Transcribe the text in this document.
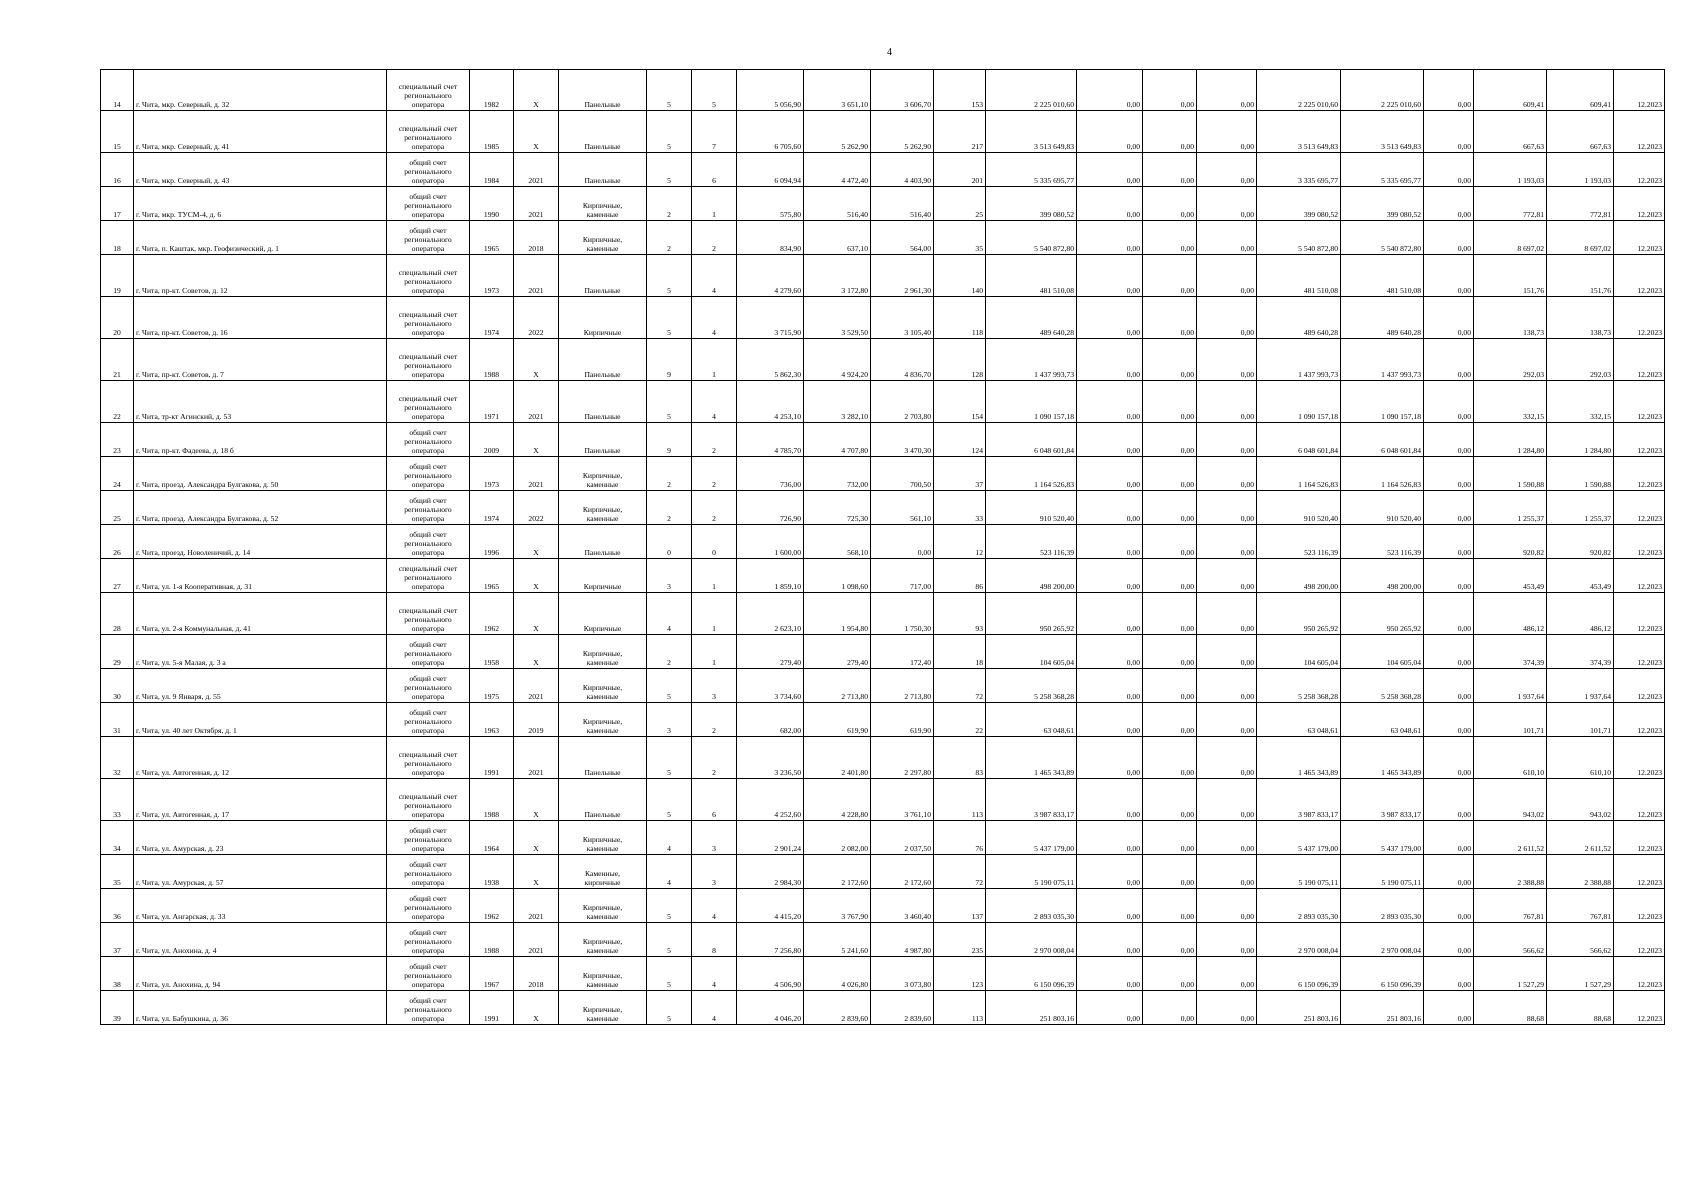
4
14	г. Чита, мкр. Северный, д. 32	специальный счет
регионального
оператора	1982	X	Панельные	5	5	5 056,90	3 651,10	3 606,70	153	2 225 010,60	0,00	0,00	0,00	2 225 010,60	2 225 010,60	0,00	609,41	609,41	12.2023
15	г. Чита, мкр. Северный, д. 41	специальный счет
регионального
оператора	1985	X	Панельные	5	7	6 705,60	5 262,90	5 262,90	217	3 513 649,83	0,00	0,00	0,00	3 513 649,83	3 513 649,83	0,00	667,63	667,63	12.2023
16	г. Чита, мкр. Северный, д. 43	общий счет
регионального
оператора	1984	2021	Панельные	5	6	6 094,94	4 472,40	4 403,90	201	5 335 695,77	0,00	0,00	0,00	3 335 695,77	5 335 695,77	0,00	1 193,03	1 193,03	12.2023
17	г. Чита, мкр. ТУСМ-4, д. 6	общий счет
регионального
оператора	1990	2021	Кирпичные,
каменные	2	1	575,80	516,40	516,40	25	399 080,52	0,00	0,00	0,00	399 080,52	399 080,52	0,00	772,81	772,81	12.2023
18	г. Чита, п. Каштак, мкр. Геофизический, д. 1	общий счет
регионального
оператора	1965	2018	Кирпичные,
каменные	2	2	834,90	637,10	564,00	35	5 540 872,80	0,00	0,00	0,00	5 540 872,80	5 540 872,80	0,00	8 697,02	8 697,02	12.2023
19	г. Чита, пр-кт. Советов, д. 12	специальный счет
регионального
оператора	1973	2021	Панельные	5	4	4 279,60	3 172,80	2 961,30	140	481 510,08	0,00	0,00	0,00	481 510,08	481 510,08	0,00	151,76	151,76	12.2023
20	г. Чита, пр-кт. Советов, д. 16	специальный счет
регионального
оператора	1974	2022	Кирпичные	5	4	3 715,90	3 529,50	3 105,40	118	489 640,28	0,00	0,00	0,00	489 640,28	489 640,28	0,00	138,73	138,73	12.2023
21	г. Чита, пр-кт. Советов, д. 7	специальный счет
регионального
оператора	1988	X	Панельные	9	1	5 862,30	4 924,20	4 836,70	128	1 437 993,73	0,00	0,00	0,00	1 437 993,73	1 437 993,73	0,00	292,03	292,03	12.2023
22	г. Чита, тр-кт Агинский, д. 53	специальный счет
регионального
оператора	1971	2021	Панельные	5	4	4 253,10	3 282,10	2 703,80	154	1 090 157,18	0,00	0,00	0,00	1 090 157,18	1 090 157,18	0,00	332,15	332,15	12.2023
23	г. Чита, пр-кт. Фадеева, д. 18 б	общий счет
регионального
оператора	2009	X	Панельные	9	2	4 785,70	4 707,80	3 470,30	124	6 048 601,84	0,00	0,00	0,00	6 048 601,84	6 048 601,84	0,00	1 284,80	1 284,80	12.2023
24	г. Чита, проезд. Александра Булгакова, д. 50	общий счет
регионального
оператора	1973	2021	Кирпичные,
каменные	2	2	736,00	732,00	700,50	37	1 164 526,83	0,00	0,00	0,00	1 164 526,83	1 164 526,83	0,00	1 590,88	1 590,88	12.2023
25	г. Чита, проезд. Александра Булгакова, д. 52	общий счет
регионального
оператора	1974	2022	Кирпичные,
каменные	2	2	726,90	725,30	561,10	33	910 520,40	0,00	0,00	0,00	910 520,40	910 520,40	0,00	1 255,37	1 255,37	12.2023
26	г. Чита, проезд. Новоленичий, д. 14	общий счет
регионального
оператора	1996	X	Панельные	0	0	1 600,00	568,10	0,00	12	523 116,39	0,00	0,00	0,00	523 116,39	523 116,39	0,00	920,82	920,82	12.2023
27	г. Чита, ул. 1-я Кооперативная, д. 31	специальный счет
регионального
оператора	1965	X	Кирпичные	3	1	1 859,10	1 098,60	717,00	86	498 200,00	0,00	0,00	0,00	498 200,00	498 200,00	0,00	453,49	453,49	12.2023
28	г. Чита, ул. 2-я Коммунальная, д. 41	специальный счет
регионального
оператора	1962	X	Кирпичные	4	1	2 623,10	1 954,80	1 750,30	93	950 265,92	0,00	0,00	0,00	950 265,92	950 265,92	0,00	486,12	486,12	12.2023
29	г. Чита, ул. 5-я Малая, д. 3 а	общий счет
регионального
оператора	1958	X	Кирпичные,
каменные	2	1	279,40	279,40	172,40	18	104 605,04	0,00	0,00	0,00	104 605,04	104 605,04	0,00	374,39	374,39	12.2023
30	г. Чита, ул. 9 Января, д. 55	общий счет
регионального
оператора	1975	2021	Кирпичные,
каменные	5	3	3 734,60	2 713,80	2 713,80	72	5 258 368,28	0,00	0,00	0,00	5 258 368,28	5 258 368,28	0,00	1 937,64	1 937,64	12.2023
31	г. Чита, ул. 40 лет Октября, д. 1	общий счет
регионального
оператора	1963	2019	Кирпичные,
каменные	3	2	682,00	619,90	619,90	22	63 048,61	0,00	0,00	0,00	63 048,61	63 048,61	0,00	101,71	101,71	12.2023
32	г. Чита, ул. Автогенная, д. 12	специальный счет
регионального
оператора	1991	2021	Панельные	5	2	3 236,50	2 401,80	2 297,80	83	1 465 343,89	0,00	0,00	0,00	1 465 343,89	1 465 343,89	0,00	610,10	610,10	12.2023
33	г. Чита, ул. Автогенная, д. 17	специальный счет
регионального
оператора	1988	X	Панельные	5	6	4 252,60	4 228,80	3 761,10	113	3 987 833,17	0,00	0,00	0,00	3 987 833,17	3 987 833,17	0,00	943,02	943,02	12.2023
34	г. Чита, ул. Амурская, д. 23	общий счет
регионального
оператора	1964	X	Кирпичные,
каменные	4	3	2 901,24	2 082,00	2 037,50	76	5 437 179,00	0,00	0,00	0,00	5 437 179,00	5 437 179,00	0,00	2 611,52	2 611,52	12.2023
35	г. Чита, ул. Амурская, д. 57	общий счет
регионального
оператора	1938	X	Каменные,
кирпичные	4	3	2 984,30	2 172,60	2 172,60	72	5 190 075,11	0,00	0,00	0,00	5 190 075,11	5 190 075,11	0,00	2 388,88	2 388,88	12.2023
36	г. Чита, ул. Ангарская, д. 33	общий счет
регионального
оператора	1962	2021	Кирпичные,
каменные	5	4	4 415,20	3 767,90	3 460,40	137	2 893 035,30	0,00	0,00	0,00	2 893 035,30	2 893 035,30	0,00	767,81	767,81	12.2023
37	г. Чита, ул. Анохина, д. 4	общий счет
регионального
оператора	1988	2021	Кирпичные,
каменные	5	8	7 256,80	5 241,60	4 987,80	235	2 970 008,04	0,00	0,00	0,00	2 970 008,04	2 970 008,04	0,00	566,62	566,62	12.2023
38	г. Чита, ул. Анохина, д. 94	общий счет
регионального
оператора	1967	2018	Кирпичные,
каменные	5	4	4 506,90	4 026,80	3 073,80	123	6 150 096,39	0,00	0,00	0,00	6 150 096,39	6 150 096,39	0,00	1 527,29	1 527,29	12.2023
39	г. Чита, ул. Бабушкина, д. 36	общий счет
регионального
оператора	1991	X	Кирпичные,
каменные	5	4	4 046,20	2 839,60	2 839,60	113	251 803,16	0,00	0,00	0,00	251 803,16	251 803,16	0,00	88,68	88,68	12.2023
